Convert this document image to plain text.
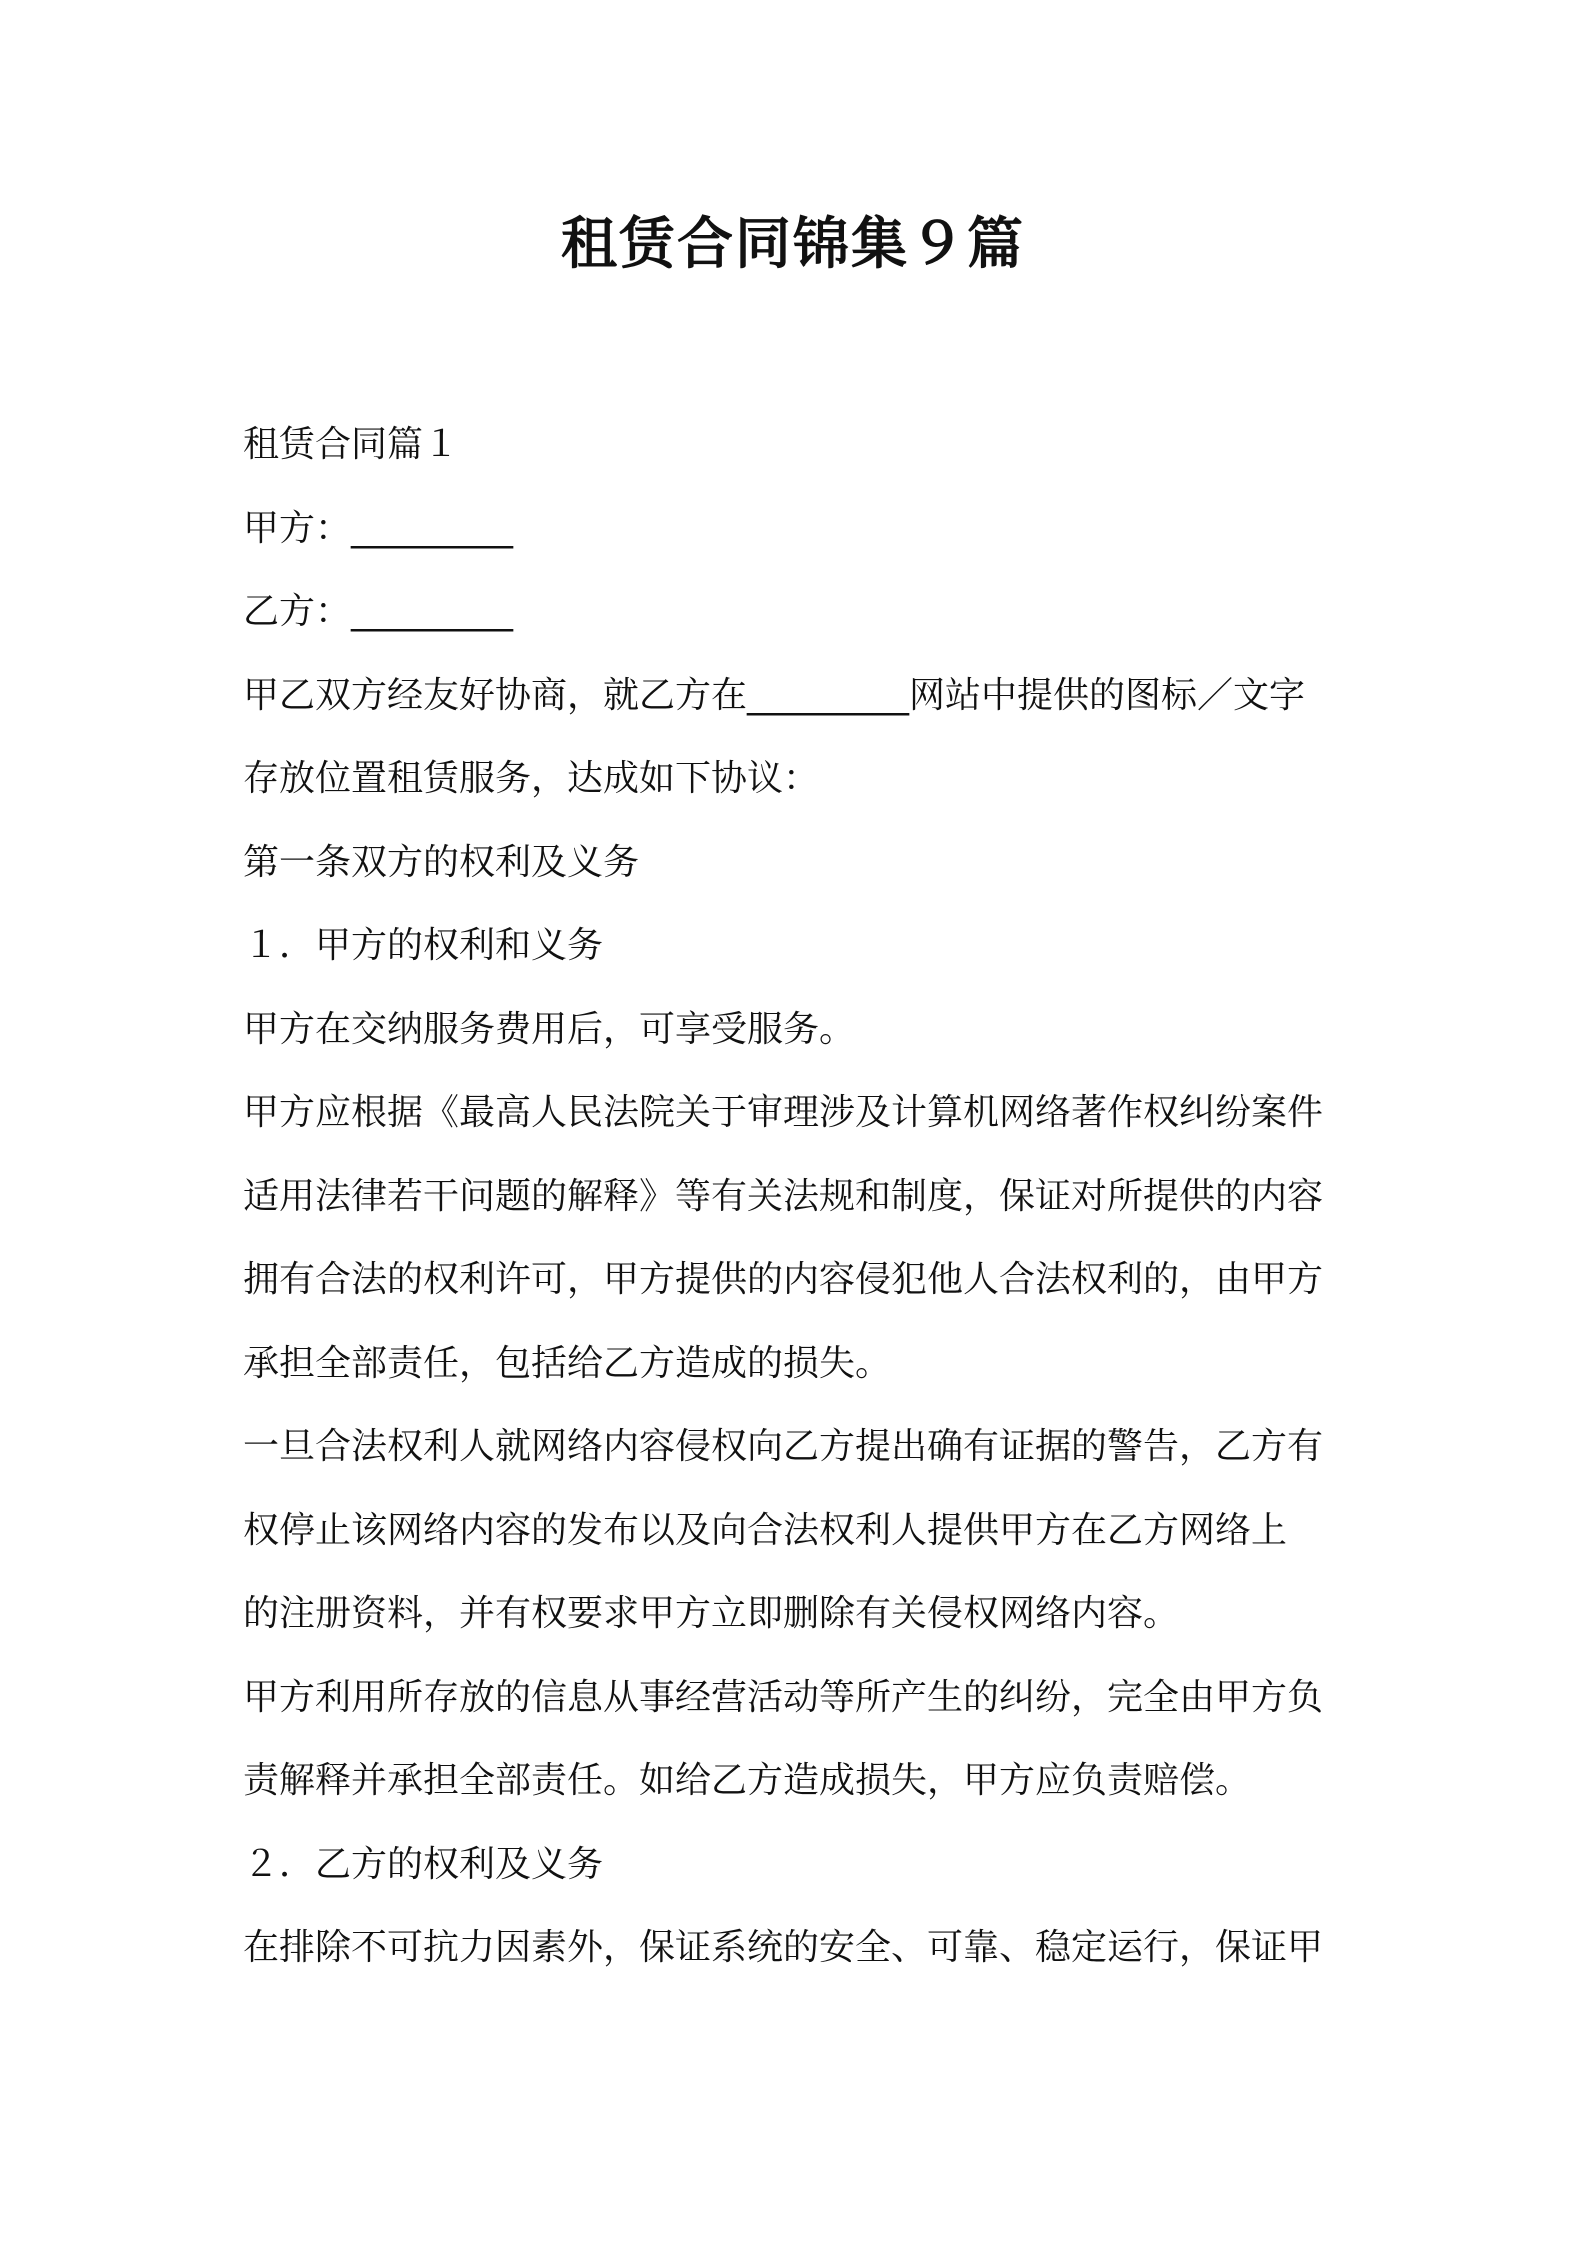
租赁合同锦集９篇

租赁合同篇１

甲方：_________

乙方：_________

甲乙双方经友好协商，就乙方在_________网站中提供的图标／文字

存放位置租赁服务，达成如下协议：

第一条双方的权利及义务

１．甲方的权利和义务

甲方在交纳服务费用后，可享受服务。

甲方应根据《最高人民法院关于审理涉及计算机网络著作权纠纷案件

适用法律若干问题的解释》等有关法规和制度，保证对所提供的内容

拥有合法的权利许可，甲方提供的内容侵犯他人合法权利的，由甲方

承担全部责任，包括给乙方造成的损失。

一旦合法权利人就网络内容侵权向乙方提出确有证据的警告，乙方有

权停止该网络内容的发布以及向合法权利人提供甲方在乙方网络上

的注册资料，并有权要求甲方立即删除有关侵权网络内容。

甲方利用所存放的信息从事经营活动等所产生的纠纷，完全由甲方负

责解释并承担全部责任。如给乙方造成损失，甲方应负责赔偿。

２．乙方的权利及义务

在排除不可抗力因素外，保证系统的安全、可靠、稳定运行，保证甲
